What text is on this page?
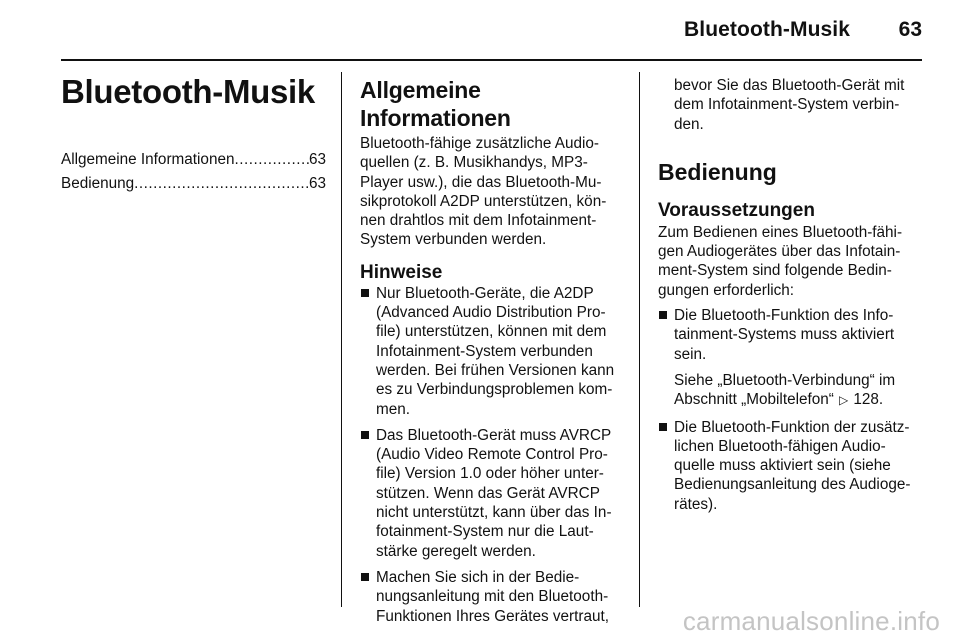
Bluetooth-Musik	63
Bluetooth-Musik
Allgemeine Informationen .....	63
Bedienung .....	63
Allgemeine Informationen
Bluetooth-fähige zusätzliche Audio-
quellen (z. B. Musikhandys, MP3-
Player usw.), die das Bluetooth-Mu-
sikprotokoll A2DP unterstützen, kön-
nen drahtlos mit dem Infotainment-
System verbunden werden.
Hinweise
Nur Bluetooth-Geräte, die A2DP
(Advanced Audio Distribution Pro-
file) unterstützen, können mit dem
Infotainment-System verbunden
werden. Bei frühen Versionen kann
es zu Verbindungsproblemen kom-
men.
Das Bluetooth-Gerät muss AVRCP
(Audio Video Remote Control Pro-
file) Version 1.0 oder höher unter-
stützen. Wenn das Gerät AVRCP
nicht unterstützt, kann über das In-
fotainment-System nur die Laut-
stärke geregelt werden.
Machen Sie sich in der Bedie-
nungsanleitung mit den Bluetooth-
Funktionen Ihres Gerätes vertraut,
bevor Sie das Bluetooth-Gerät mit
dem Infotainment-System verbin-
den.
Bedienung
Voraussetzungen
Zum Bedienen eines Bluetooth-fähi-
gen Audiogerätes über das Infotain-
ment-System sind folgende Bedin-
gungen erforderlich:
Die Bluetooth-Funktion des Info-
tainment-Systems muss aktiviert
sein.
Siehe „Bluetooth-Verbindung“ im
Abschnitt „Mobiltelefon“ ▷ 128.
Die Bluetooth-Funktion der zusätz-
lichen Bluetooth-fähigen Audio-
quelle muss aktiviert sein (siehe
Bedienungsanleitung des Audioge-
rätes).
carmanualsonline.info
